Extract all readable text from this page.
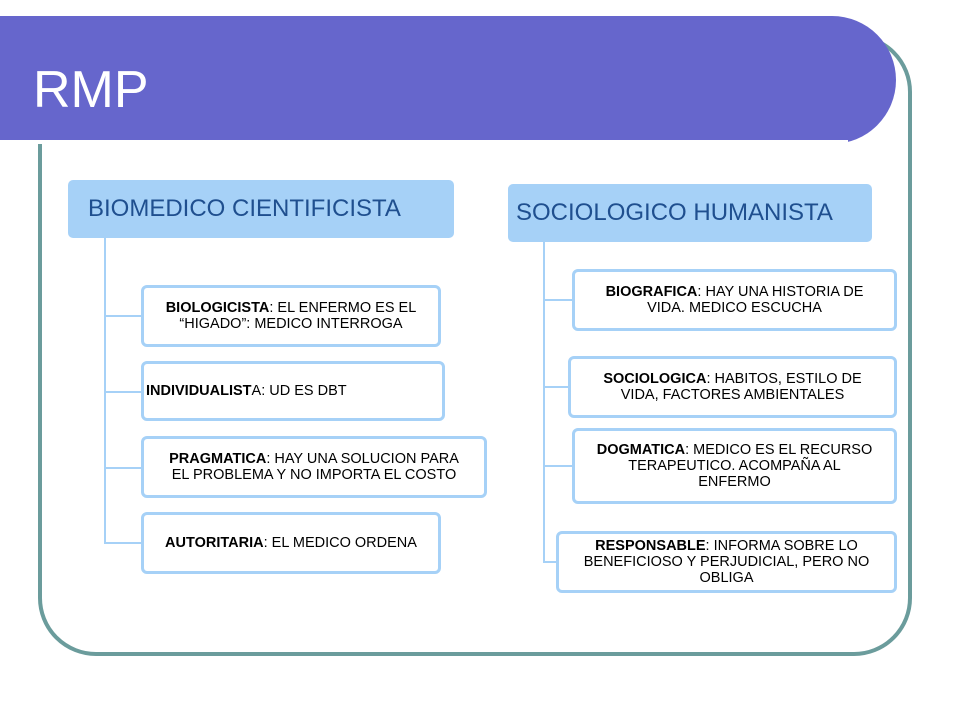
RMP
BIOMEDICO CIENTIFICISTA
BIOLOGICISTA: EL ENFERMO ES EL
“HIGADO”: MEDICO INTERROGA
INDIVIDUALISTA: UD ES DBT
PRAGMATICA: HAY UNA SOLUCION PARA
EL PROBLEMA Y NO IMPORTA EL COSTO
AUTORITARIA: EL MEDICO ORDENA
SOCIOLOGICO HUMANISTA
BIOGRAFICA: HAY UNA HISTORIA DE
VIDA. MEDICO ESCUCHA
SOCIOLOGICA: HABITOS, ESTILO DE
VIDA, FACTORES AMBIENTALES
DOGMATICA: MEDICO ES EL RECURSO
TERAPEUTICO. ACOMPAÑA AL
ENFERMO
RESPONSABLE: INFORMA SOBRE LO
BENEFICIOSO Y PERJUDICIAL, PERO NO
OBLIGA
